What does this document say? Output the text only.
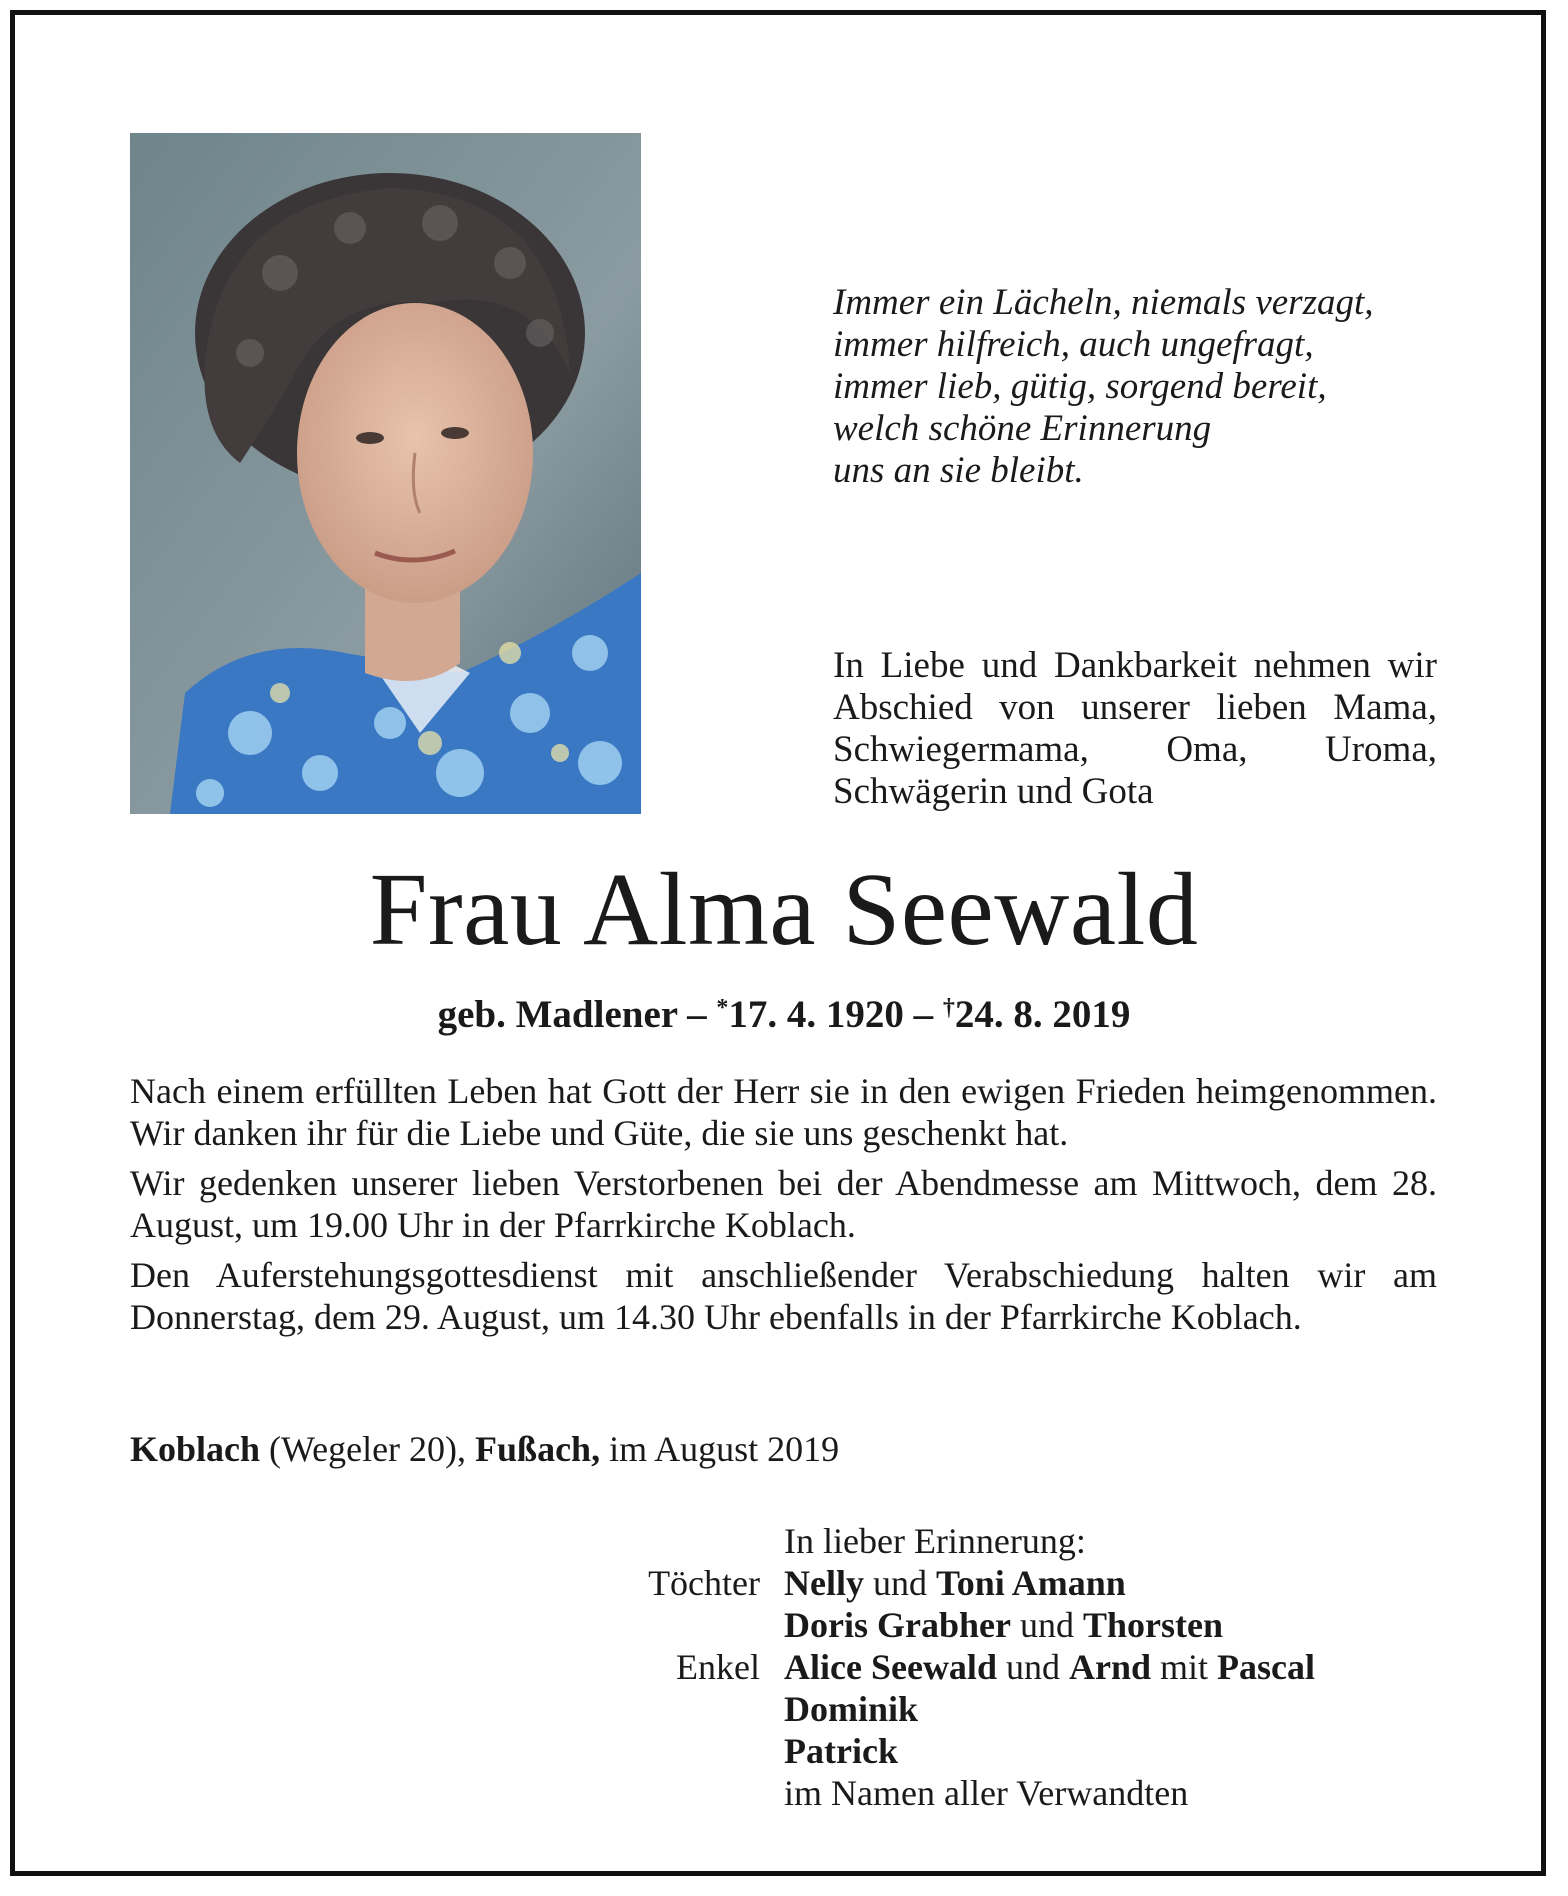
Immer ein Lächeln, niemals verzagt,
immer hilfreich, auch ungefragt,
immer lieb, gütig, sorgend bereit,
welch schöne Erinnerung
uns an sie bleibt.
In Liebe und Dankbarkeit nehmen wir Abschied von unserer lieben Mama, Schwiegermama, Oma, Uroma, Schwägerin und Gota
Frau Alma Seewald
geb. Madlener – *17. 4. 1920 – †24. 8. 2019

Nach einem erfüllten Leben hat Gott der Herr sie in den ewigen Frieden heimgenommen. Wir danken ihr für die Liebe und Güte, die sie uns geschenkt hat.

Wir gedenken unserer lieben Verstorbenen bei der Abendmesse am Mittwoch, dem 28. August, um 19.00 Uhr in der Pfarrkirche Koblach.

Den Auferstehungsgottesdienst mit anschließender Verabschiedung halten wir am Donnerstag, dem 29. August, um 14.30 Uhr ebenfalls in der Pfarrkirche Koblach.

Koblach (Wegeler 20), Fußach, im August 2019
In lieber Erinnerung:
Töchter Nelly und Toni Amann
Doris Grabher und Thorsten
Enkel Alice Seewald und Arnd mit Pascal
Dominik
Patrick
im Namen aller Verwandten
